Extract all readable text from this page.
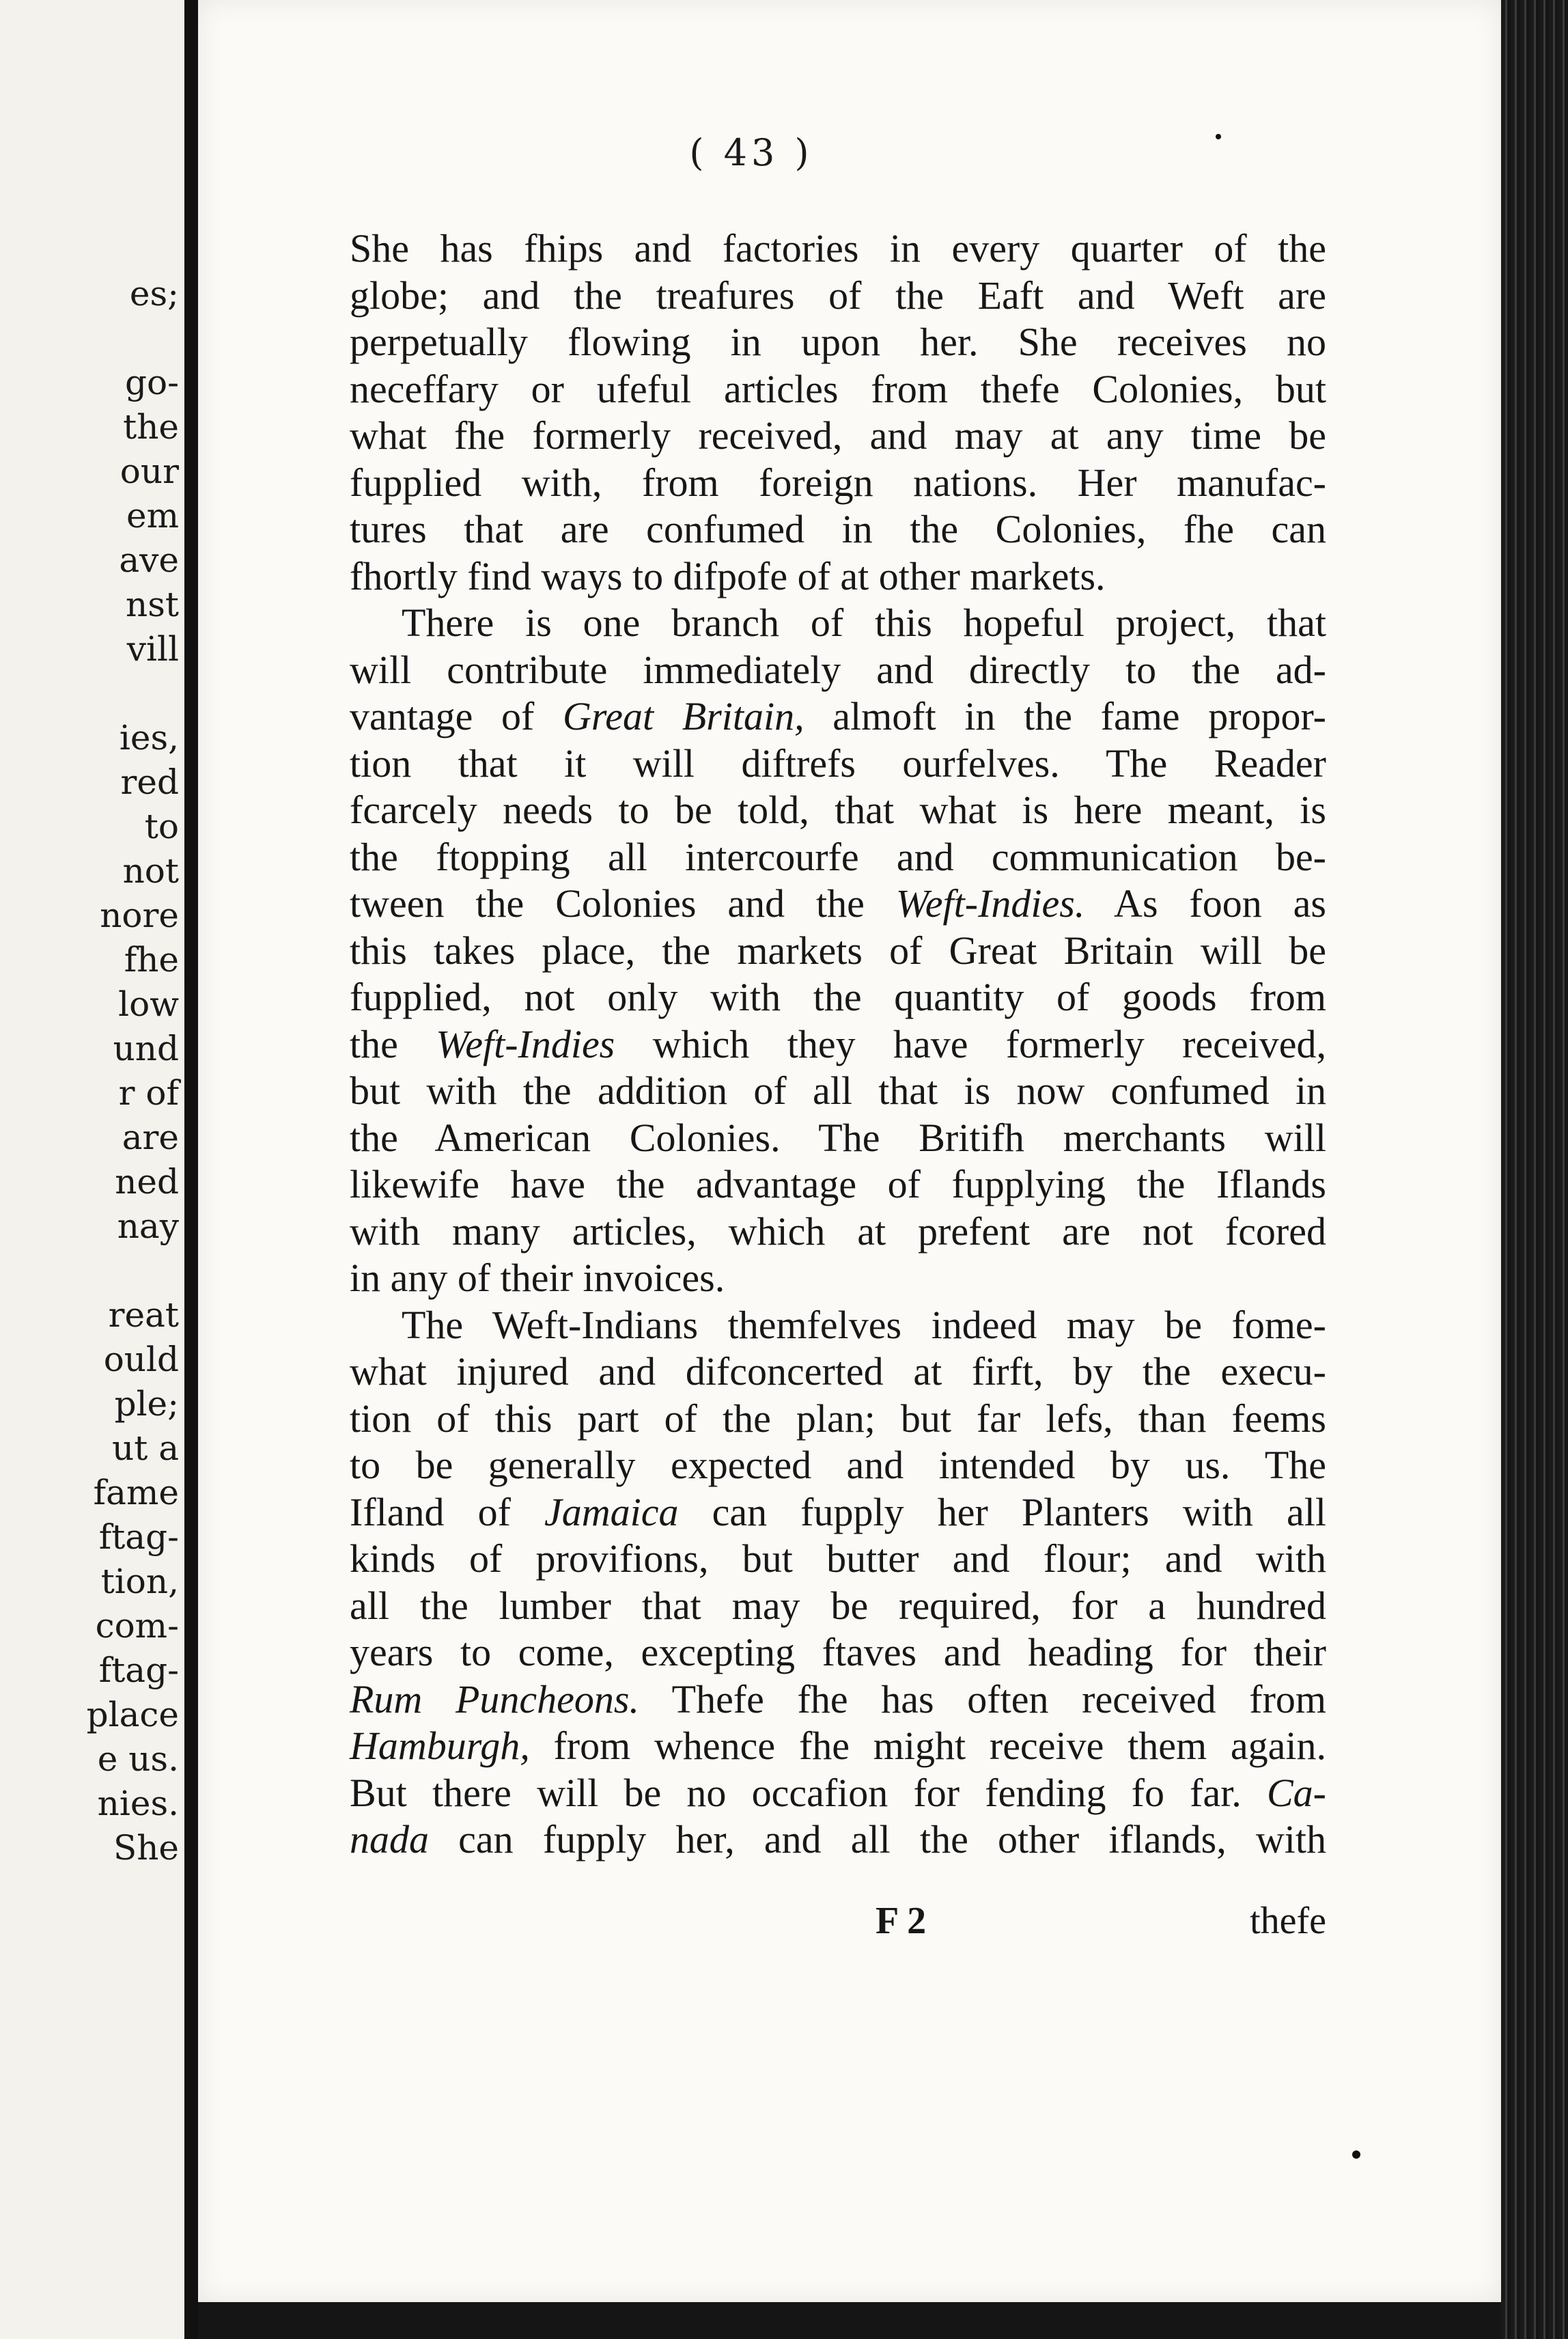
es;

go-
the
our
em
ave
nst
vill

ies,
red
to
not
nore
fhe
low
und
r of
are
ned
nay

reat
ould
ple;
ut a
fame
ftag-
tion,
com-
ftag-
place
e us.
nies.
She
( 43 )
She has fhips and factories in every quarter of the
globe; and the treafures of the Eaft and Weft are
perpetually flowing in upon her. She receives no
neceffary or ufeful articles from thefe Colonies, but
what fhe formerly received, and may at any time be
fupplied with, from foreign nations. Her manufac-
tures that are confumed in the Colonies, fhe can
fhortly find ways to difpofe of at other markets.
There is one branch of this hopeful project, that
will contribute immediately and directly to the ad-
vantage of Great Britain, almoft in the fame propor-
tion that it will diftrefs ourfelves. The Reader
fcarcely needs to be told, that what is here meant, is
the ftopping all intercourfe and communication be-
tween the Colonies and the Weft-Indies. As foon as
this takes place, the markets of Great Britain will be
fupplied, not only with the quantity of goods from
the Weft-Indies which they have formerly received,
but with the addition of all that is now confumed in
the American Colonies. The Britifh merchants will
likewife have the advantage of fupplying the Iflands
with many articles, which at prefent are not fcored
in any of their invoices.
The Weft-Indians themfelves indeed may be fome-
what injured and difconcerted at firft, by the execu-
tion of this part of the plan; but far lefs, than feems
to be generally expected and intended by us. The
Ifland of Jamaica can fupply her Planters with all
kinds of provifions, but butter and flour; and with
all the lumber that may be required, for a hundred
years to come, excepting ftaves and heading for their
Rum Puncheons. Thefe fhe has often received from
Hamburgh, from whence fhe might receive them again.
But there will be no occafion for fending fo far. Ca-
nada can fupply her, and all the other iflands, with
F 2	thefe
